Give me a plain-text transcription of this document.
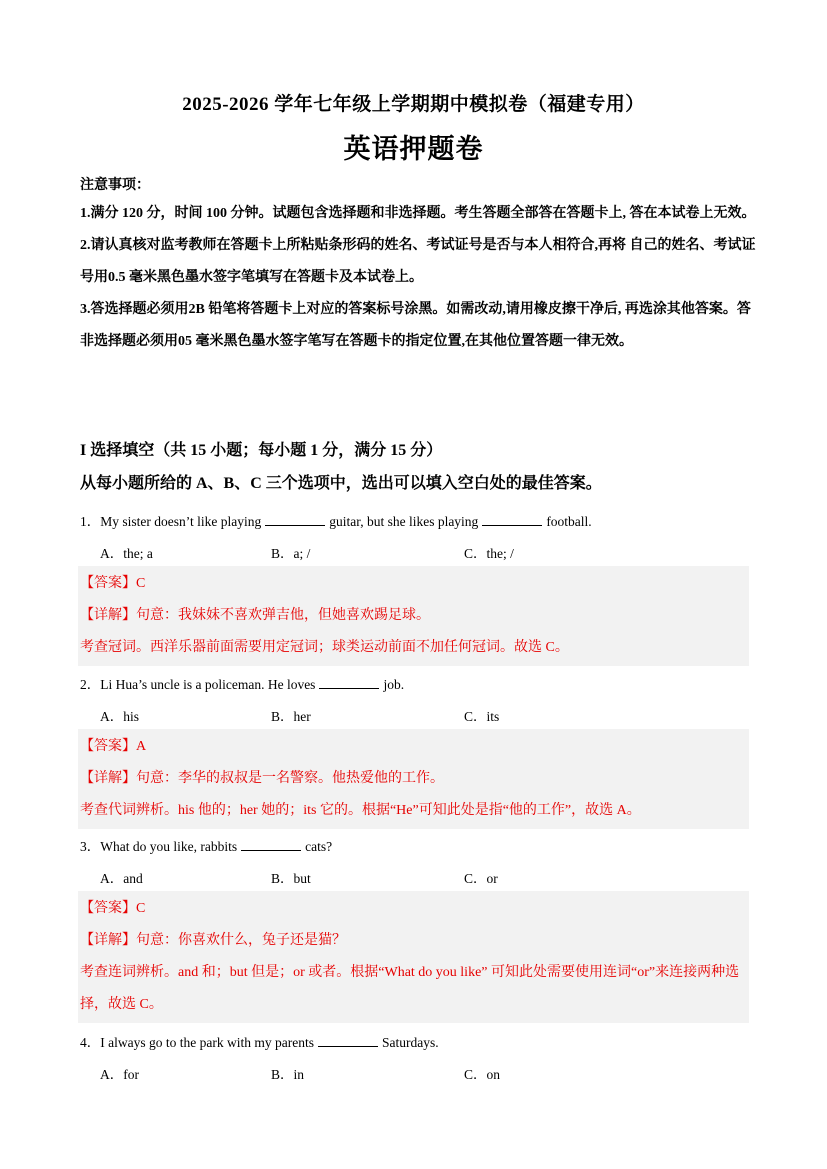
2025-2026 学年七年级上学期期中模拟卷（福建专用）
英语押题卷
注意事项：

1.满分 120 分，时间 100 分钟。试题包含选择题和非选择题。考生答题全部答在答题卡上, 答在本试卷上无效。

2.请认真核对监考教师在答题卡上所粘贴条形码的姓名、考试证号是否与本人相符合,再将 自己的姓名、考试证号用0.5 毫米黑色墨水签字笔填写在答题卡及本试卷上。

3.答选择题必须用2B 铅笔将答题卡上对应的答案标号涂黑。如需改动,请用橡皮擦干净后, 再选涂其他答案。答非选择题必须用05 毫米黑色墨水签字笔写在答题卡的指定位置,在其他位置答题一律无效。

I 选择填空（共 15 小题；每小题 1 分，满分 15 分）
从每小题所给的 A、B、C 三个选项中，选出可以填入空白处的最佳答案。
1．My sister doesn’t like playing	guitar, but she likes playing	football.
A．the; a	B．a; /	C．the; /

【答案】C

【详解】句意：我妹妹不喜欢弹吉他，但她喜欢踢足球。

考查冠词。西洋乐器前面需要用定冠词；球类运动前面不加任何冠词。故选 C。

2．Li Hua’s uncle is a policeman. He loves	job.
A．his	B．her	C．its

【答案】A

【详解】句意：李华的叔叔是一名警察。他热爱他的工作。

考查代词辨析。his 他的；her 她的；its 它的。根据“He”可知此处是指“他的工作”，故选 A。

3．What do you like, rabbits	cats?
A．and	B．but	C．or

【答案】C

【详解】句意：你喜欢什么，兔子还是猫？

考查连词辨析。and 和；but 但是；or 或者。根据“What do you like” 可知此处需要使用连词“or”来连接两种选择，故选 C。

4．I always go to the park with my parents	Saturdays.
A．for	B．in	C．on
